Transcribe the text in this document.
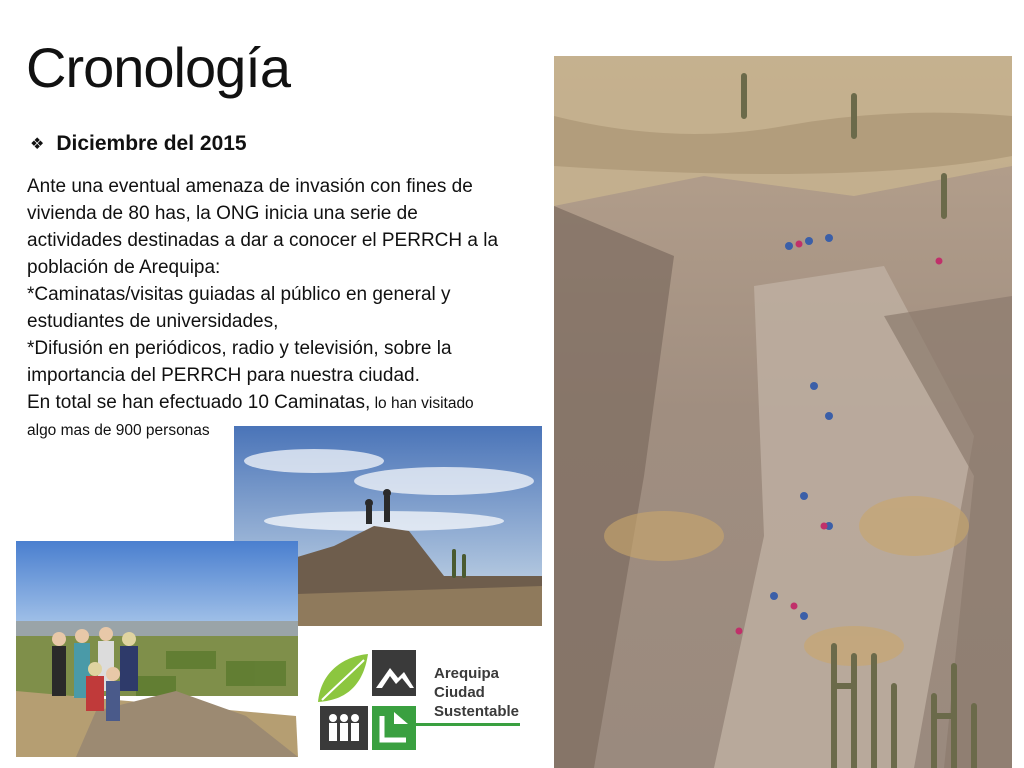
Cronología
❖ Diciembre del 2015

Ante una eventual amenaza de invasión con fines de
vivienda de 80 has, la ONG inicia una serie de
actividades destinadas a dar a conocer el PERRCH a la
población de Arequipa:
*Caminatas/visitas guiadas al público en general y
estudiantes de universidades,
*Difusión en periódicos, radio y televisión, sobre la
importancia del PERRCH para nuestra ciudad.
En total se han efectuado 10 Caminatas, lo han visitado
algo mas de 900 personas

Arequipa
Ciudad
Sustentable
